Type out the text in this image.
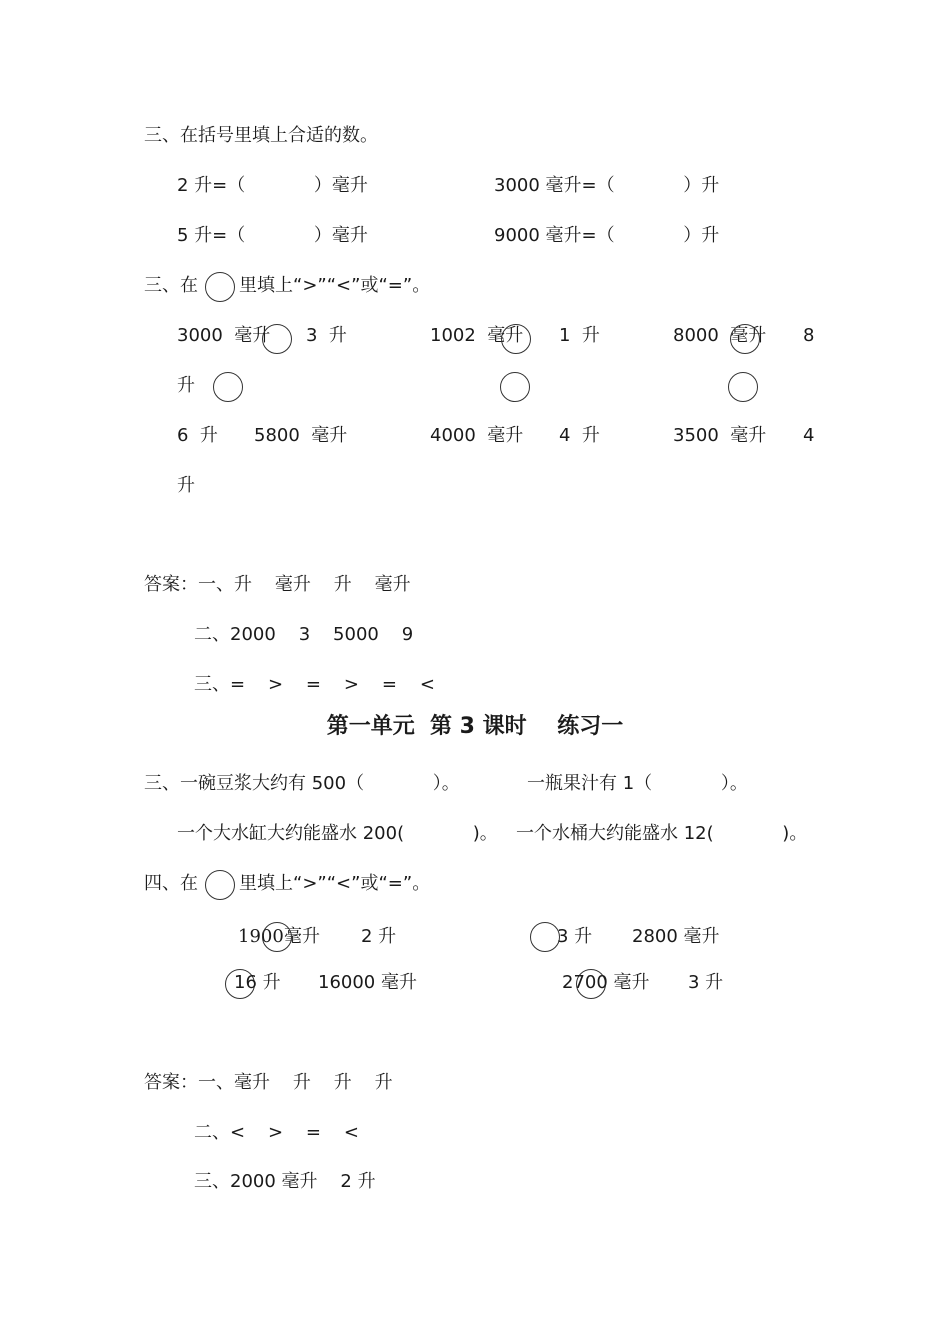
三、在括号里填上合适的数。
2 升=（            ）毫升	3000 毫升=（            ）升
5 升=（            ）毫升	9000 毫升=（            ）升
三、在 里填上“>”“<”或“=”。
3000  毫升 3  升	1002  毫升 1  升	8000  毫升 8
升
6  升 5800  毫升	4000  毫升 4  升	3500  毫升 4
升
答案：一、升    毫升    升    毫升
二、2000    3    5000    9
三、=    >    =    >    =    <
第一单元  第 3 课时    练习一
三、一碗豆浆大约有 500（            ）。	一瓶果汁有 1（            ）。
一个大水缸大约能盛水 200(            )。 一个水桶大约能盛水 12(            )。
四、在 里填上“>”“<”或“=”。
1900 毫升 2 升	3 升 2800 毫升
16 升 16000 毫升	2700 毫升 3 升
答案：一、毫升    升    升    升
二、<    >    =    <
三、2000 毫升    2 升
